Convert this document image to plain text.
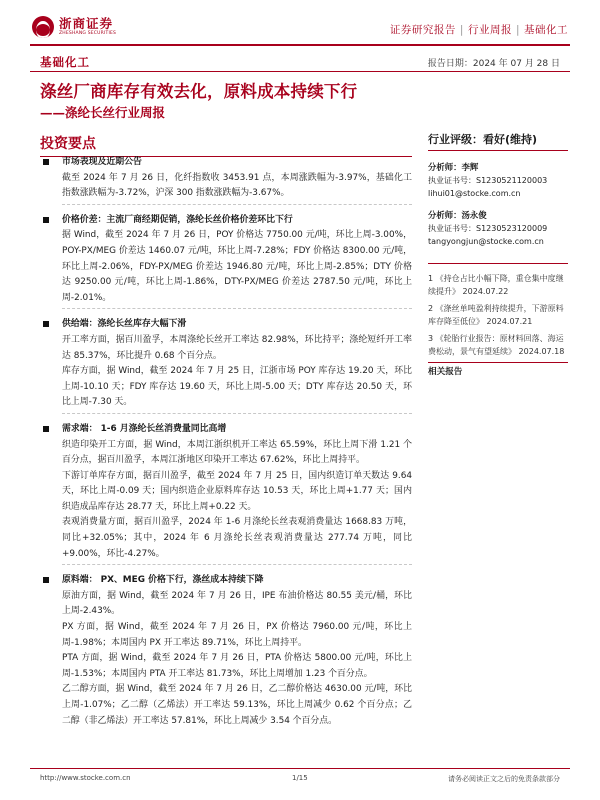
浙商证券
ZHESHANG SECURITIES	证券研究报告 | 行业周报 | 基础化工
基础化工	报告日期：2024 年 07 月 28 日
涤丝厂商库存有效去化，原料成本持续下行
——涤纶长丝行业周报
投资要点
市场表现及近期公告
截至 2024 年 7 月 26 日，化纤指数收 3453.91 点，本周涨跌幅为-3.97%，基础化工指数涨跌幅为-3.72%，沪深 300 指数涨跌幅为-3.67%。
价格价差：主流厂商经期促销，涤纶长丝价格价差环比下行
据 Wind，截至 2024 年 7 月 26 日，POY 价格达 7750.00 元/吨，环比上周-3.00%，POY-PX/MEG 价差达 1460.07 元/吨，环比上周-7.28%；FDY 价格达 8300.00 元/吨，环比上周-2.06%，FDY-PX/MEG 价差达 1946.80 元/吨，环比上周-2.85%；DTY 价格达 9250.00 元/吨，环比上周-1.86%，DTY-PX/MEG 价差达 2787.50 元/吨，环比上周-2.01%。
供给端：涤纶长丝库存大幅下滑
开工率方面，据百川盈孚，本周涤纶长丝开工率达 82.98%，环比持平；涤纶短纤开工率达 85.37%，环比提升 0.68 个百分点。
库存方面，据 Wind，截至 2024 年 7 月 25 日，江浙市场 POY 库存达 19.20 天，环比上周-10.10 天；FDY 库存达 19.60 天，环比上周-5.00 天；DTY 库存达 20.50 天，环比上周-7.30 天。
需求端： 1-6 月涤纶长丝消费量同比高增
织造印染开工方面，据 Wind，本周江浙织机开工率达 65.59%，环比上周下滑 1.21 个百分点，据百川盈孚，本周江浙地区印染开工率达 67.62%，环比上周持平。
下游订单库存方面，据百川盈孚，截至 2024 年 7 月 25 日，国内织造订单天数达 9.64 天，环比上周-0.09 天；国内织造企业原料库存达 10.53 天，环比上周+1.77 天；国内织造成品库存达 28.77 天，环比上周+0.22 天。
表观消费量方面，据百川盈孚，2024 年 1-6 月涤纶长丝表观消费量达 1668.83 万吨，同比+32.05%；其中，2024 年 6 月涤纶长丝表观消费量达 277.74 万吨，同比+9.00%，环比-4.27%。
原料端： PX、MEG 价格下行，涤丝成本持续下降
原油方面，据 Wind，截至 2024 年 7 月 26 日，IPE 布油价格达 80.55 美元/桶，环比上周-2.43%。
PX 方面，据 Wind，截至 2024 年 7 月 26 日，PX 价格达 7960.00 元/吨，环比上周-1.98%；本周国内 PX 开工率达 89.71%，环比上周持平。
PTA 方面，据 Wind，截至 2024 年 7 月 26 日，PTA 价格达 5800.00 元/吨，环比上周-1.53%；本周国内 PTA 开工率达 81.73%，环比上周增加 1.23 个百分点。
乙二醇方面，据 Wind，截至 2024 年 7 月 26 日，乙二醇价格达 4630.00 元/吨，环比上周-1.07%；乙二醇（乙烯法）开工率达 59.13%，环比上周减少 0.62 个百分点；乙二醇（非乙烯法）开工率达 57.81%，环比上周减少 3.54 个百分点。
行业评级：看好(维持)
分析师：李辉
执业证书号：S1230521120003
lihui01@stocke.com.cn
分析师：汤永俊
执业证书号：S1230523120009
tangyongjun@stocke.com.cn
1 《持仓占比小幅下降，重仓集中度继续提升》 2024.07.22
2 《涤丝单吨盈利持续提升，下游原料库存降至低位》 2024.07.21
3 《轮胎行业报告：原材料回落、海运费松动，景气有望延续》 2024.07.18
相关报告
http://www.stocke.com.cn	1/15	请务必阅读正文之后的免责条款部分
